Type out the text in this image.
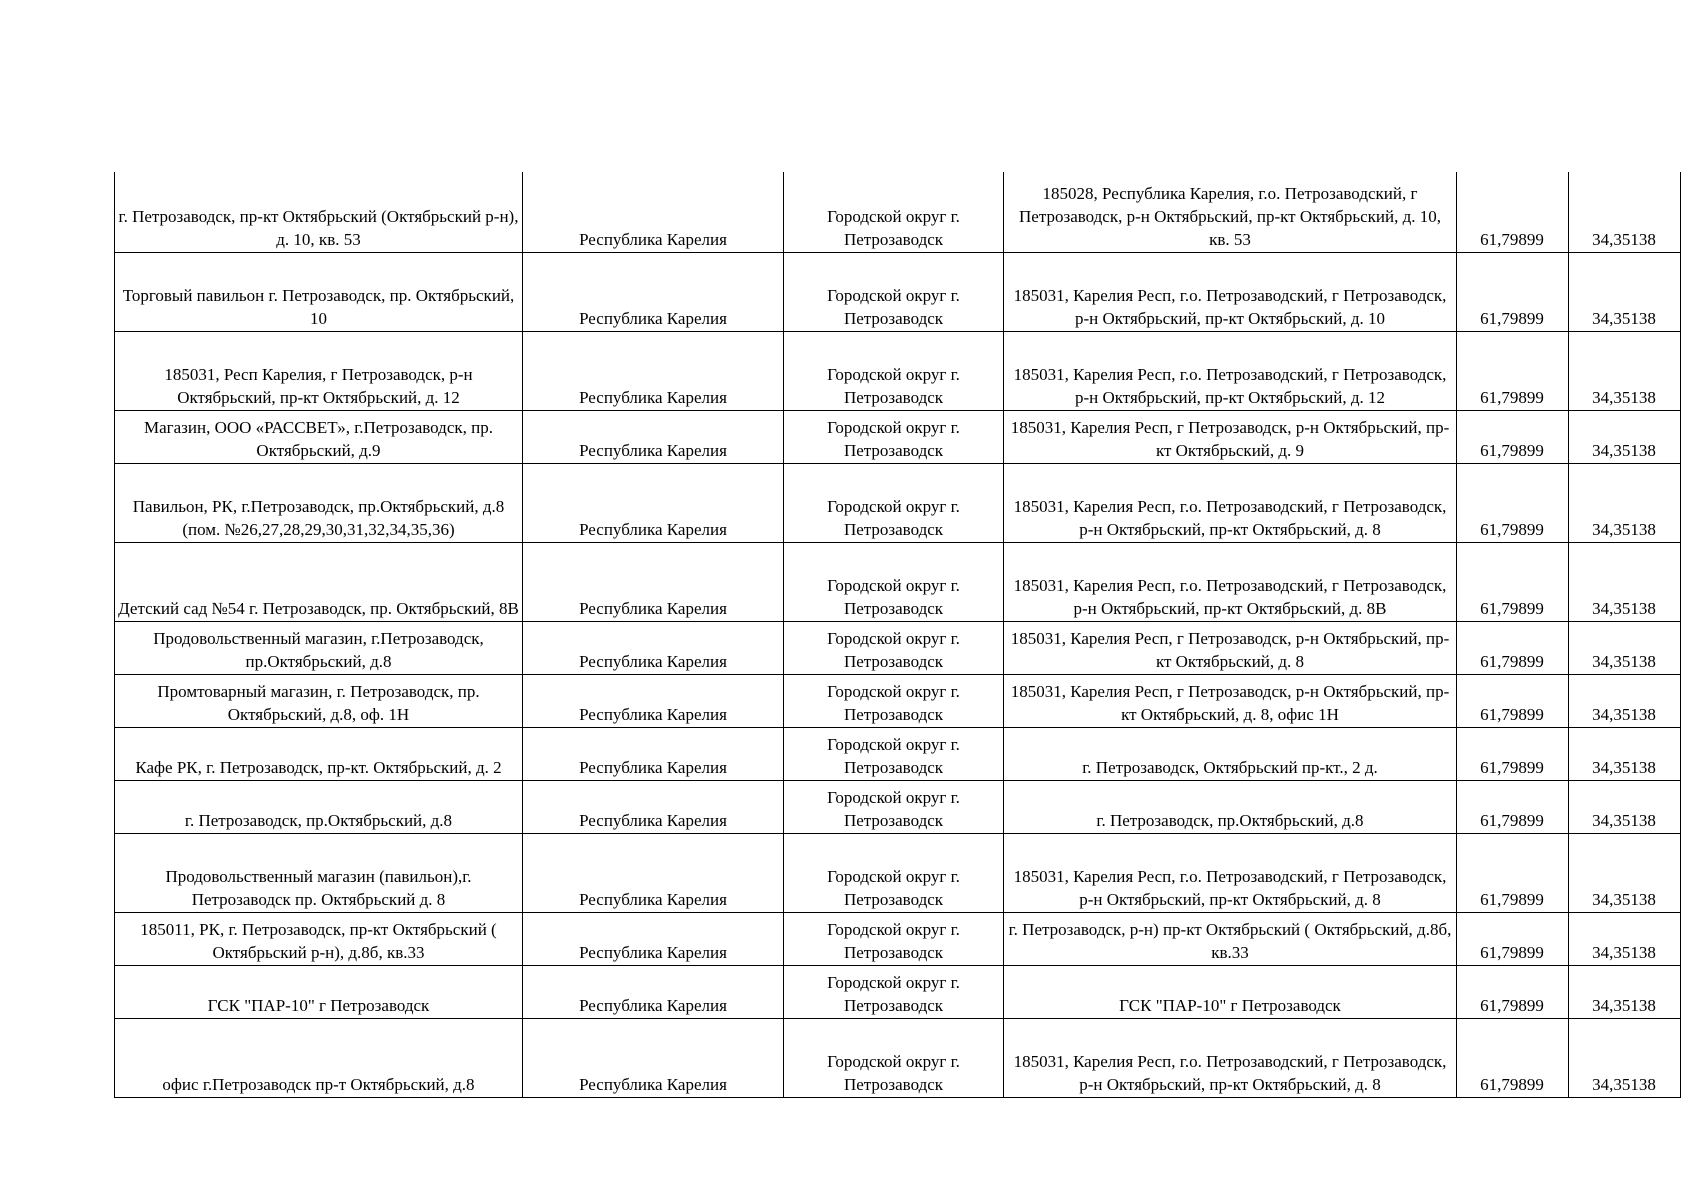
г. Петрозаводск, пр-кт Октябрьский (Октябрьский р-н), д. 10, кв. 53	Республика Карелия	Городской округ г. Петрозаводск	185028, Республика Карелия, г.о. Петрозаводский, г Петрозаводск, р-н Октябрьский, пр-кт Октябрьский, д. 10, кв. 53	61,79899	34,35138
Торговый павильон г. Петрозаводск, пр. Октябрьский, 10	Республика Карелия	Городской округ г. Петрозаводск	185031, Карелия Респ, г.о. Петрозаводский, г Петрозаводск, р-н Октябрьский, пр-кт Октябрьский, д. 10	61,79899	34,35138
185031, Респ Карелия, г Петрозаводск, р-н Октябрьский, пр-кт Октябрьский, д. 12	Республика Карелия	Городской округ г. Петрозаводск	185031, Карелия Респ, г.о. Петрозаводский, г Петрозаводск, р-н Октябрьский, пр-кт Октябрьский, д. 12	61,79899	34,35138
Магазин, ООО «РАССВЕТ», г.Петрозаводск, пр. Октябрьский, д.9	Республика Карелия	Городской округ г. Петрозаводск	185031, Карелия Респ, г Петрозаводск, р-н Октябрьский, пр-кт Октябрьский, д. 9	61,79899	34,35138
Павильон, РК, г.Петрозаводск, пр.Октябрьский, д.8 (пом. №26,27,28,29,30,31,32,34,35,36)	Республика Карелия	Городской округ г. Петрозаводск	185031, Карелия Респ, г.о. Петрозаводский, г Петрозаводск, р-н Октябрьский, пр-кт Октябрьский, д. 8	61,79899	34,35138
Детский сад №54 г. Петрозаводск, пр. Октябрьский, 8В	Республика Карелия	Городской округ г. Петрозаводск	185031, Карелия Респ, г.о. Петрозаводский, г Петрозаводск, р-н Октябрьский, пр-кт Октябрьский, д. 8В	61,79899	34,35138
Продовольственный магазин, г.Петрозаводск, пр.Октябрьский, д.8	Республика Карелия	Городской округ г. Петрозаводск	185031, Карелия Респ, г Петрозаводск, р-н Октябрьский, пр-кт Октябрьский, д. 8	61,79899	34,35138
Промтоварный магазин, г. Петрозаводск, пр. Октябрьский, д.8, оф. 1Н	Республика Карелия	Городской округ г. Петрозаводск	185031, Карелия Респ, г Петрозаводск, р-н Октябрьский, пр-кт Октябрьский, д. 8, офис 1Н	61,79899	34,35138
Кафе РК, г. Петрозаводск, пр-кт. Октябрьский, д. 2	Республика Карелия	Городской округ г. Петрозаводск	г. Петрозаводск, Октябрьский пр-кт., 2 д.	61,79899	34,35138
г. Петрозаводск, пр.Октябрьский, д.8	Республика Карелия	Городской округ г. Петрозаводск	г. Петрозаводск, пр.Октябрьский, д.8	61,79899	34,35138
Продовольственный магазин (павильон),г. Петрозаводск пр. Октябрьский д. 8	Республика Карелия	Городской округ г. Петрозаводск	185031, Карелия Респ, г.о. Петрозаводский, г Петрозаводск, р-н Октябрьский, пр-кт Октябрьский, д. 8	61,79899	34,35138
185011, РК, г. Петрозаводск, пр-кт Октябрьский ( Октябрьский р-н), д.8б, кв.33	Республика Карелия	Городской округ г. Петрозаводск	г. Петрозаводск, р-н) пр-кт Октябрьский ( Октябрьский, д.8б, кв.33	61,79899	34,35138
ГСК "ПАР-10" г Петрозаводск	Республика Карелия	Городской округ г. Петрозаводск	ГСК "ПАР-10" г Петрозаводск	61,79899	34,35138
офис г.Петрозаводск пр-т Октябрьский, д.8	Республика Карелия	Городской округ г. Петрозаводск	185031, Карелия Респ, г.о. Петрозаводский, г Петрозаводск, р-н Октябрьский, пр-кт Октябрьский, д. 8	61,79899	34,35138
